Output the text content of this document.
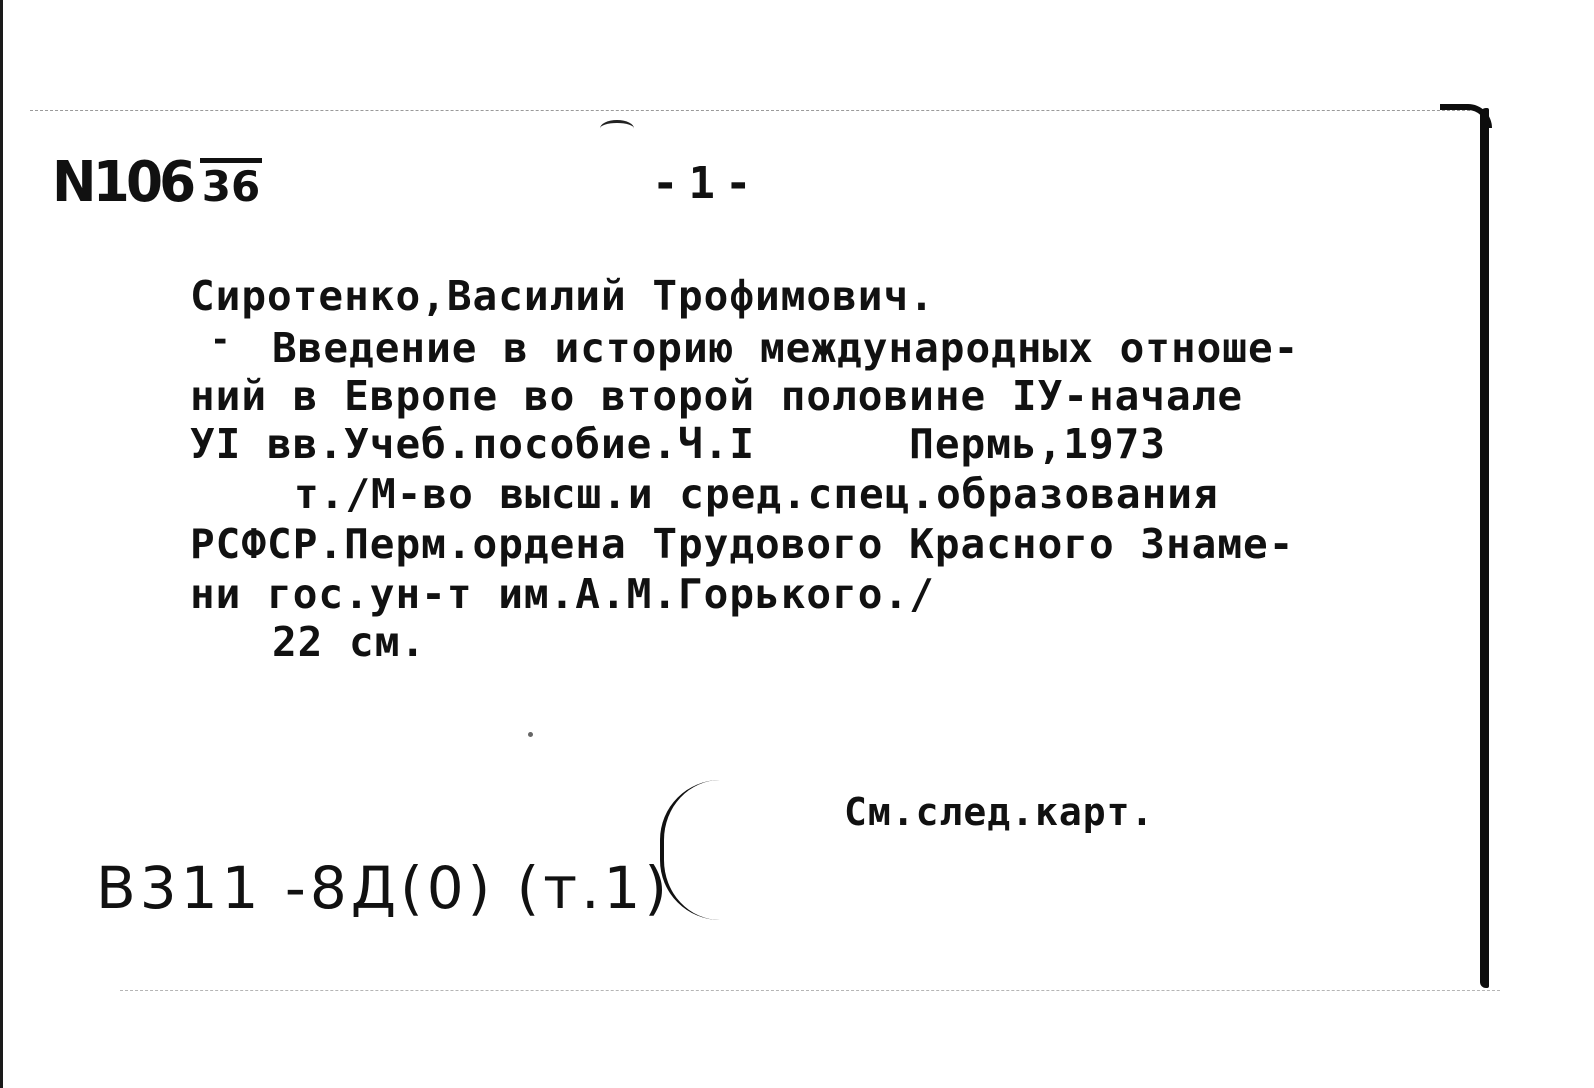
N106 36	-1-
Сиротенко,Василий Трофимович.
- Введение в историю международных отноше-
ний в Европе во второй половине IУ-начале
УI вв.Учеб.пособие.Ч.I      Пермь,1973
т./М-во высш.и сред.спец.образования
РСФСР.Перм.ордена Трудового Красного Знаме-
ни гос.ун-т им.А.М.Горького./
22 см.
См.след.карт.
B311 -8Д(0) (т.1)
